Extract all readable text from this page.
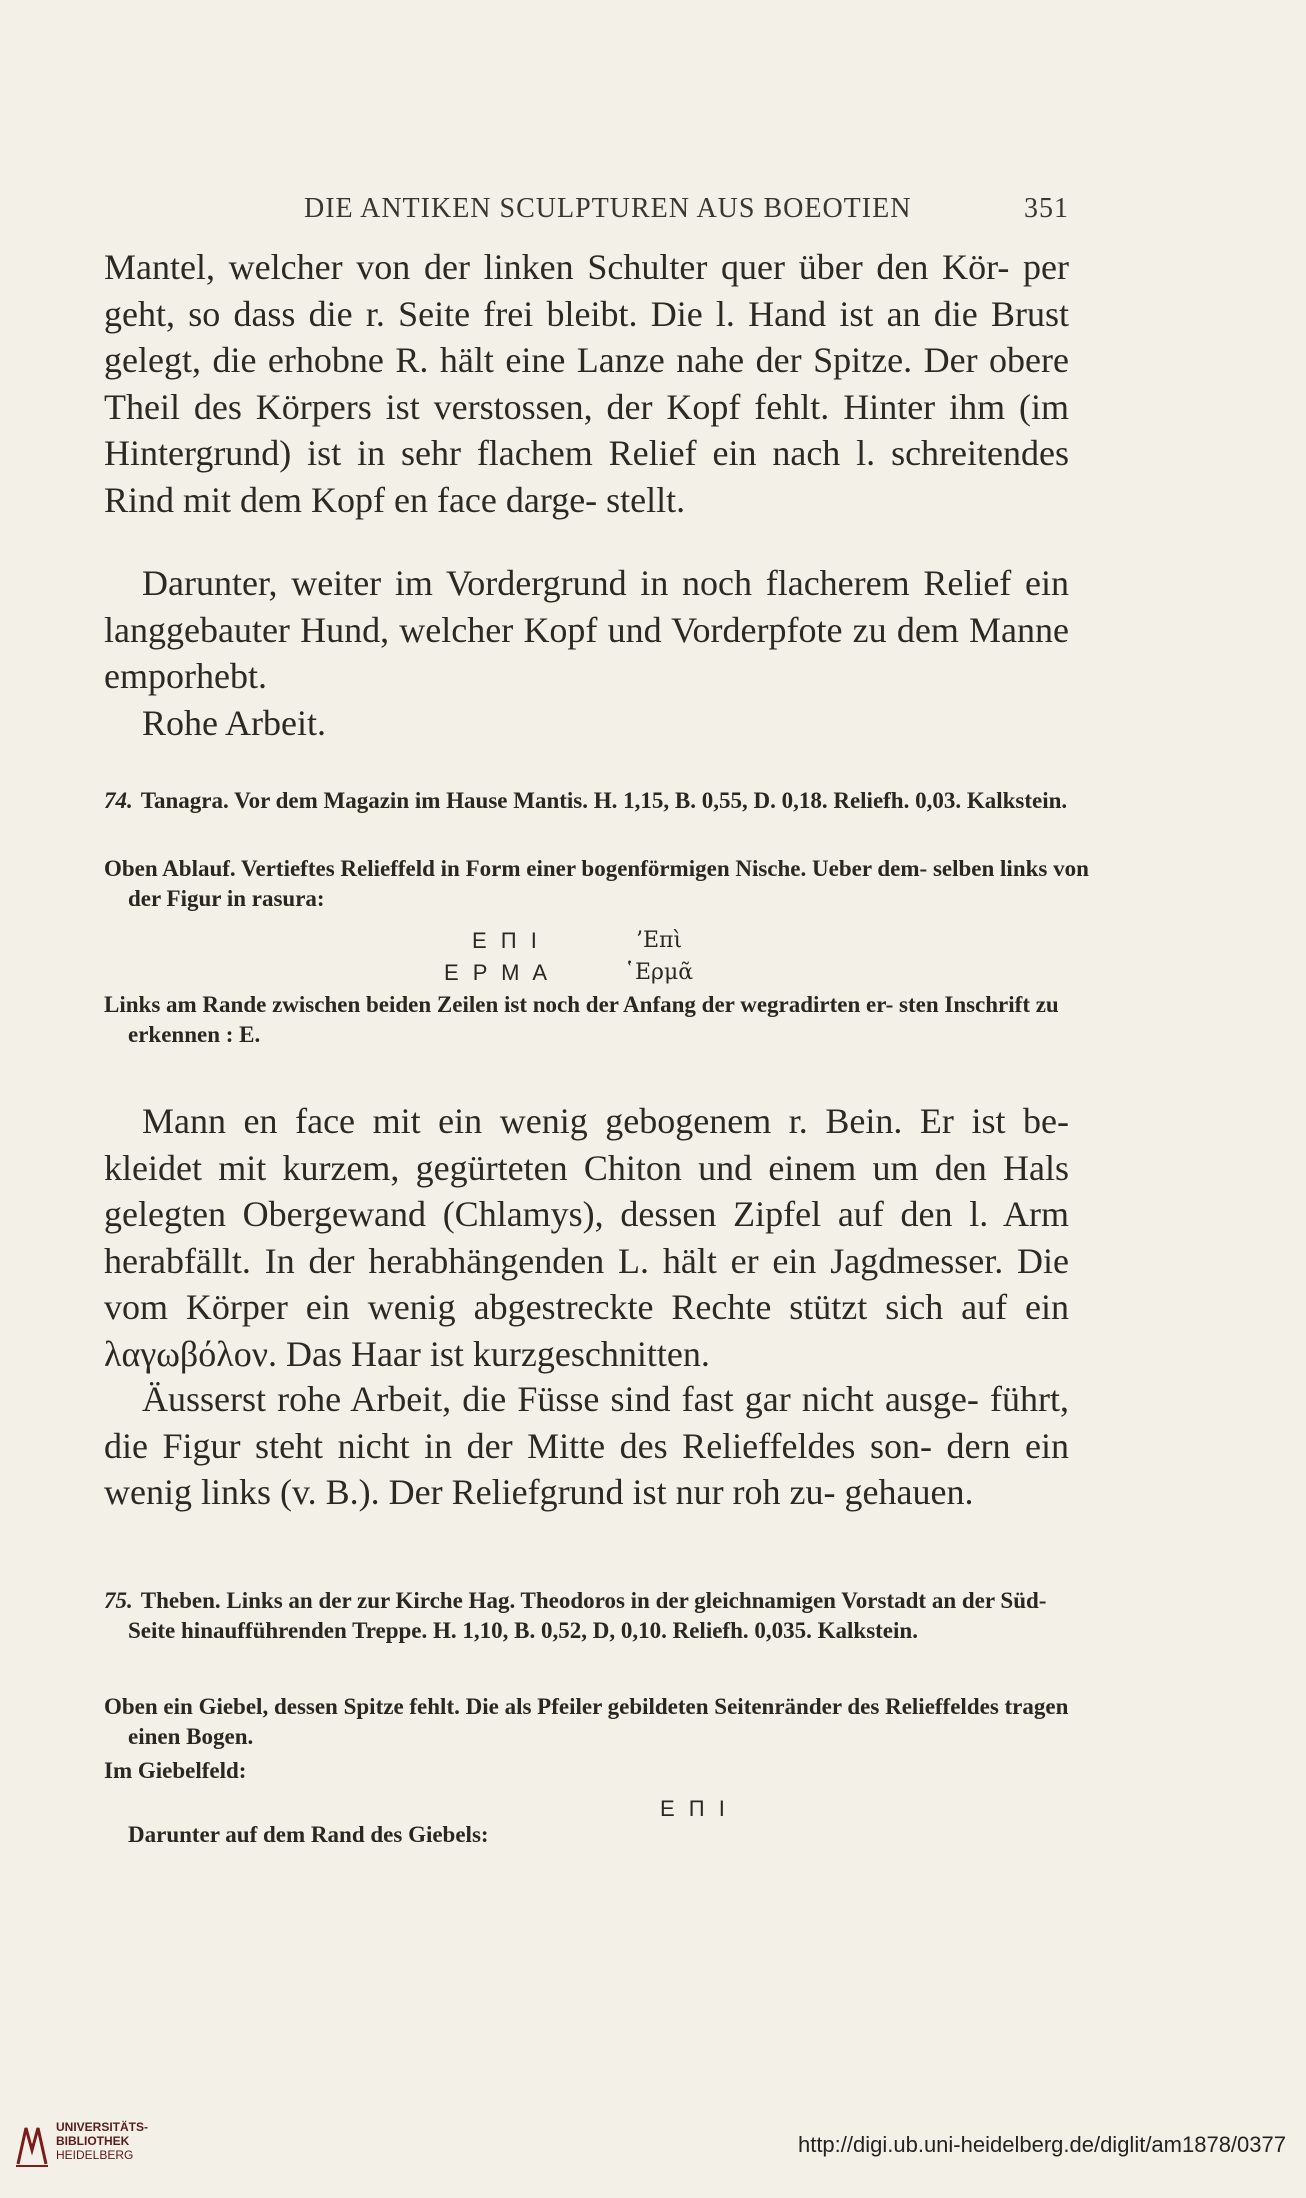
DIE ANTIKEN SCULPTUREN AUS BOEOTIEN	351

Mantel, welcher von der linken Schulter quer über den Kör- per geht, so dass die r. Seite frei bleibt. Die l. Hand ist an die Brust gelegt, die erhobne R. hält eine Lanze nahe der Spitze. Der obere Theil des Körpers ist verstossen, der Kopf fehlt. Hinter ihm (im Hintergrund) ist in sehr flachem Relief ein nach l. schreitendes Rind mit dem Kopf en face darge- stellt.

Darunter, weiter im Vordergrund in noch flacherem Relief ein langgebauter Hund, welcher Kopf und Vorderpfote zu dem Manne emporhebt.

Rohe Arbeit.

74. Tanagra. Vor dem Magazin im Hause Mantis. H. 1,15, B. 0,55, D. 0,18. Reliefh. 0,03. Kalkstein.
Oben Ablauf. Vertieftes Relieffeld in Form einer bogenförmigen Nische. Ueber dem- selben links von der Figur in rasura:
Ε Π Ι	’Επὶ
Ε Ρ Μ Α	῾Ερμᾶ
Links am Rande zwischen beiden Zeilen ist noch der Anfang der wegradirten er- sten Inschrift zu erkennen : E.

Mann en face mit ein wenig gebogenem r. Bein. Er ist be- kleidet mit kurzem, gegürteten Chiton und einem um den Hals gelegten Obergewand (Chlamys), dessen Zipfel auf den l. Arm herabfällt. In der herabhängenden L. hält er ein Jagdmesser. Die vom Körper ein wenig abgestreckte Rechte stützt sich auf ein λαγωβόλον. Das Haar ist kurzgeschnitten.

Äusserst rohe Arbeit, die Füsse sind fast gar nicht ausge- führt, die Figur steht nicht in der Mitte des Relieffeldes son- dern ein wenig links (v. B.). Der Reliefgrund ist nur roh zu- gehauen.

75. Theben. Links an der zur Kirche Hag. Theodoros in der gleichnamigen Vorstadt an der Süd-Seite hinaufführenden Treppe. H. 1,10, B. 0,52, D, 0,10. Reliefh. 0,035. Kalkstein.
Oben ein Giebel, dessen Spitze fehlt. Die als Pfeiler gebildeten Seitenränder des Relieffeldes tragen einen Bogen.
Im Giebelfeld:
Ε Π Ι
Darunter auf dem Rand des Giebels:
UNIVERSITÄTS-
BIBLIOTHEK
HEIDELBERG	http://digi.ub.uni-heidelberg.de/diglit/am1878/0377
